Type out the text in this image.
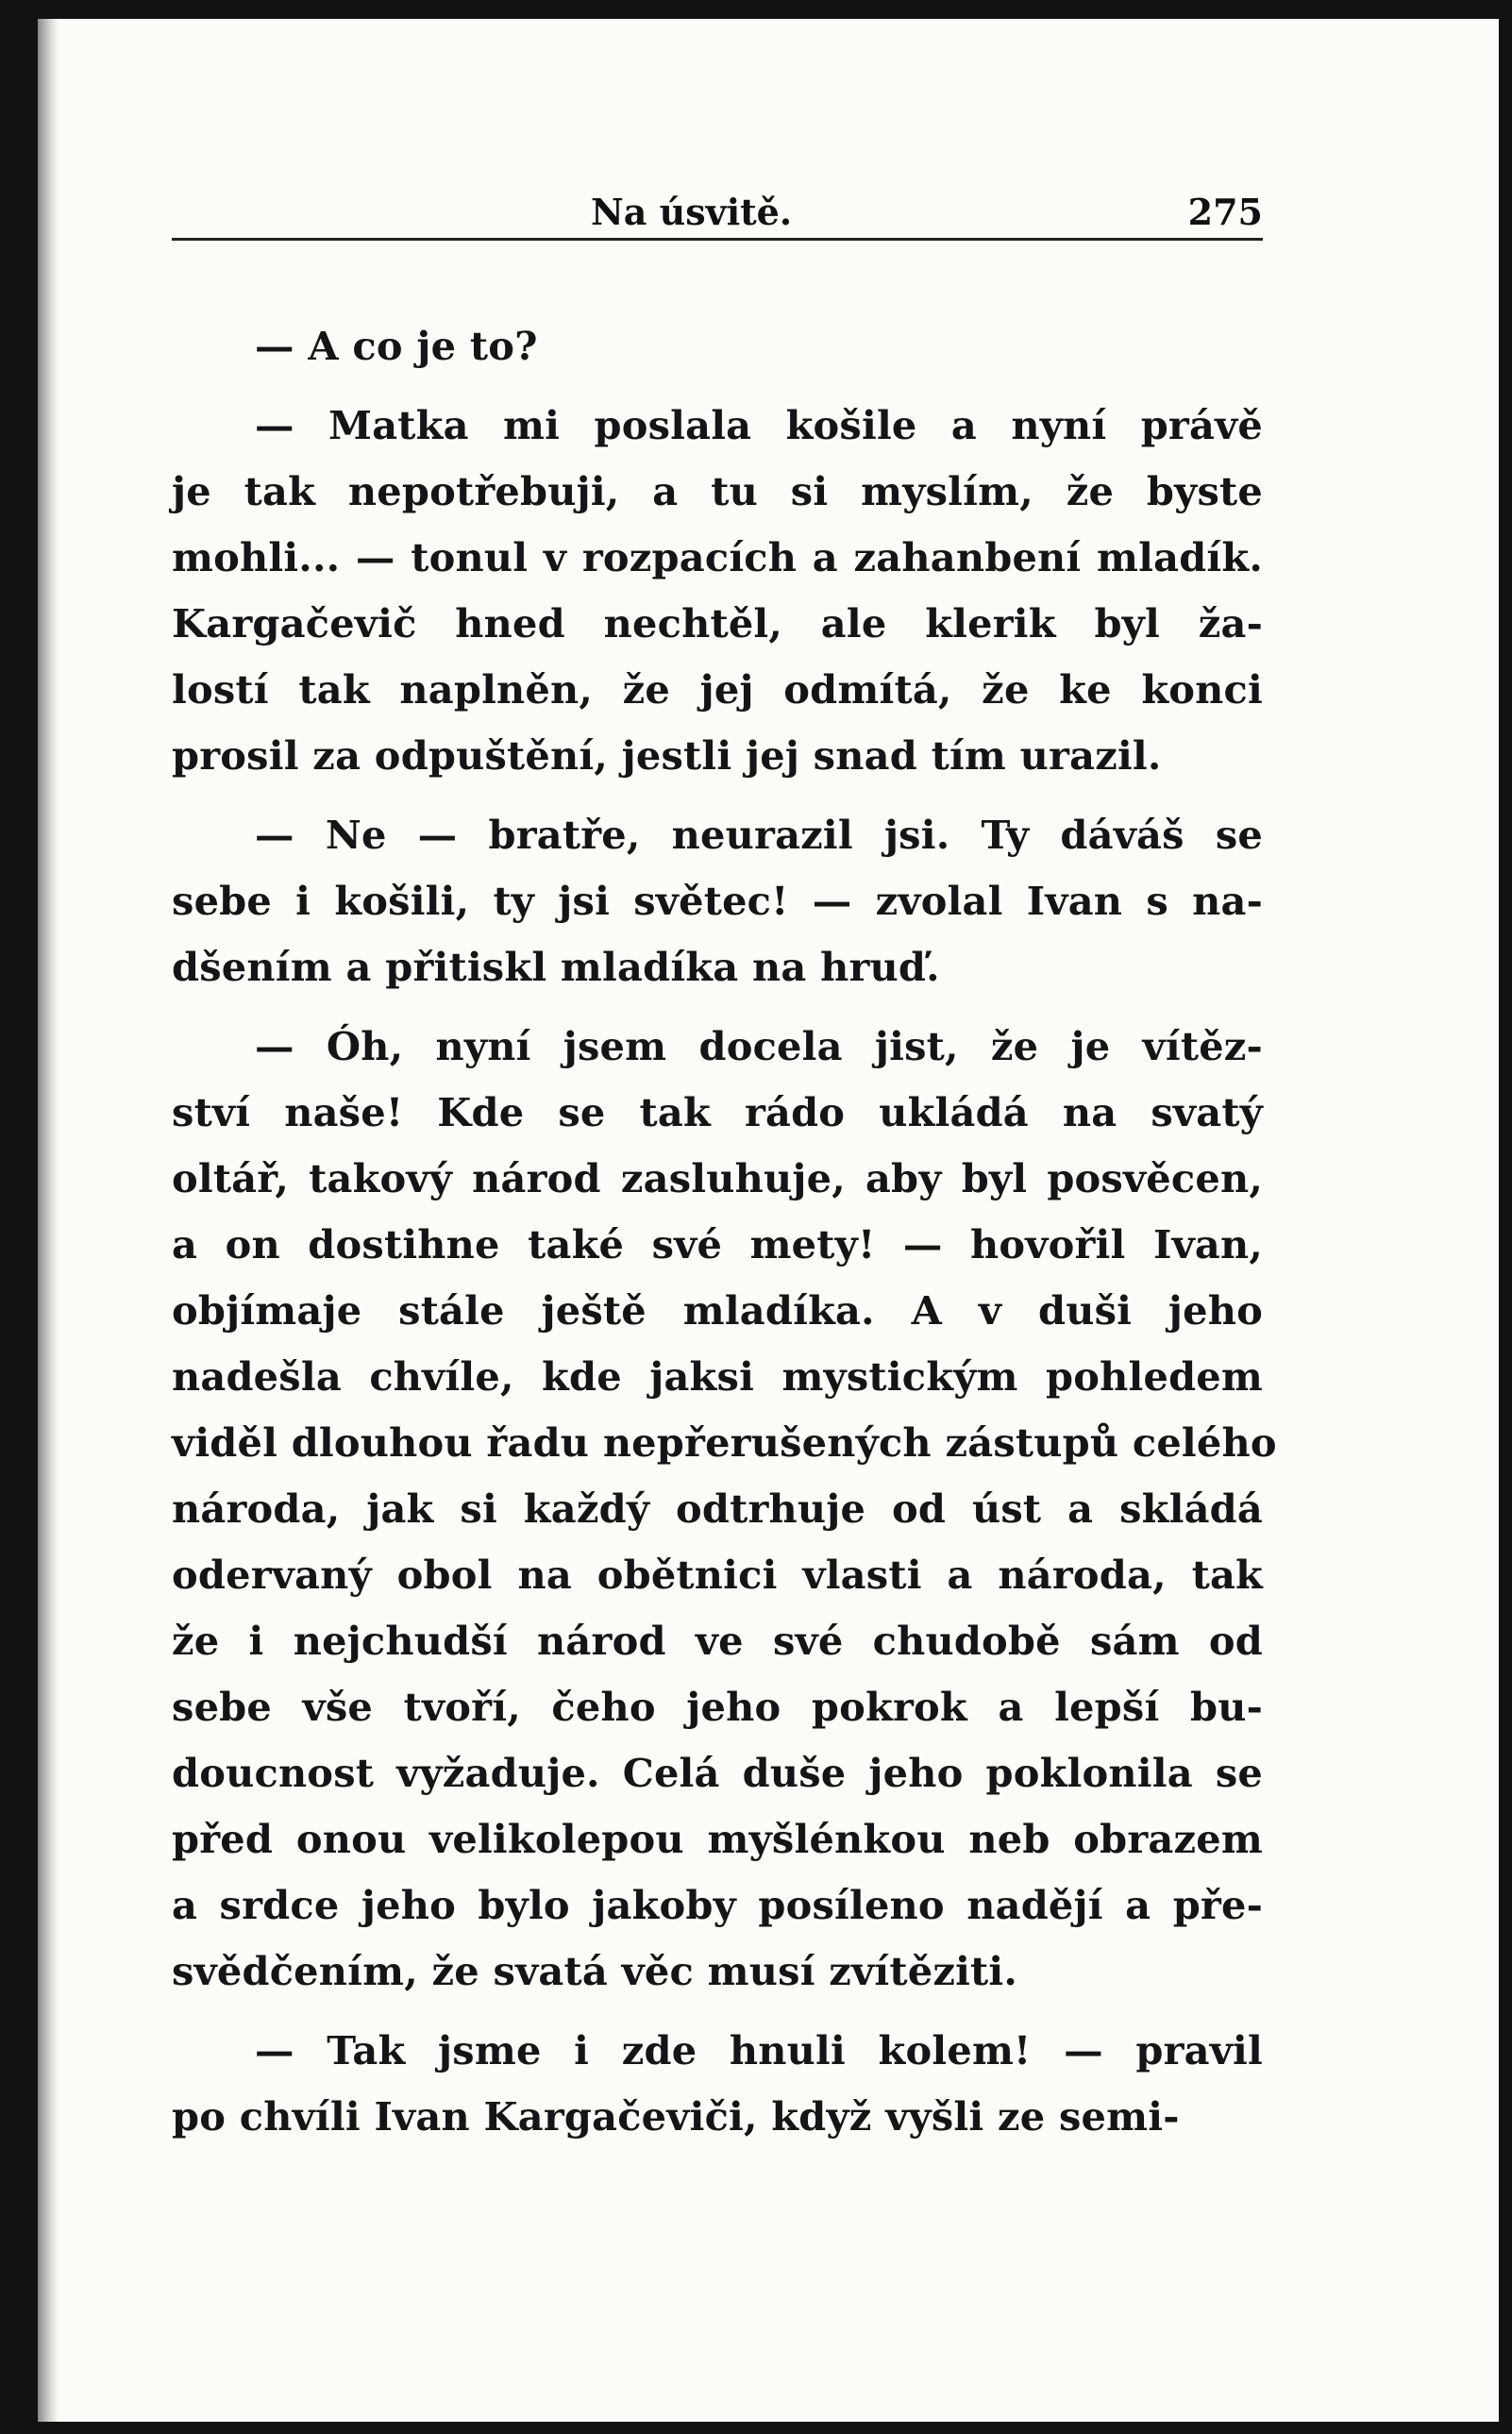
Na úsvitě.	275
— A co je to?
— Matka mi poslala košile a nyní právě
je tak nepotřebuji, a tu si myslím, že byste
mohli... — tonul v rozpacích a zahanbení mladík.
Kargačevič hned nechtěl, ale klerik byl ža-
lostí tak naplněn, že jej odmítá, že ke konci
prosil za odpuštění, jestli jej snad tím urazil.
— Ne — bratře, neurazil jsi. Ty dáváš se
sebe i košili, ty jsi světec! — zvolal Ivan s na-
dšením a přitiskl mladíka na hruď.
— Óh, nyní jsem docela jist, že je vítěz-
ství naše! Kde se tak rádo ukládá na svatý
oltář, takový národ zasluhuje, aby byl posvěcen,
a on dostihne také své mety! — hovořil Ivan,
objímaje stále ještě mladíka. A v duši jeho
nadešla chvíle, kde jaksi mystickým pohledem
viděl dlouhou řadu nepřerušených zástupů celého
národa, jak si každý odtrhuje od úst a skládá
odervaný obol na obětnici vlasti a národa, tak
že i nejchudší národ ve své chudobě sám od
sebe vše tvoří, čeho jeho pokrok a lepší bu-
doucnost vyžaduje. Celá duše jeho poklonila se
před onou velikolepou myšlénkou neb obrazem
a srdce jeho bylo jakoby posíleno nadějí a pře-
svědčením, že svatá věc musí zvítěziti.
— Tak jsme i zde hnuli kolem! — pravil
po chvíli Ivan Kargačeviči, když vyšli ze semi-
